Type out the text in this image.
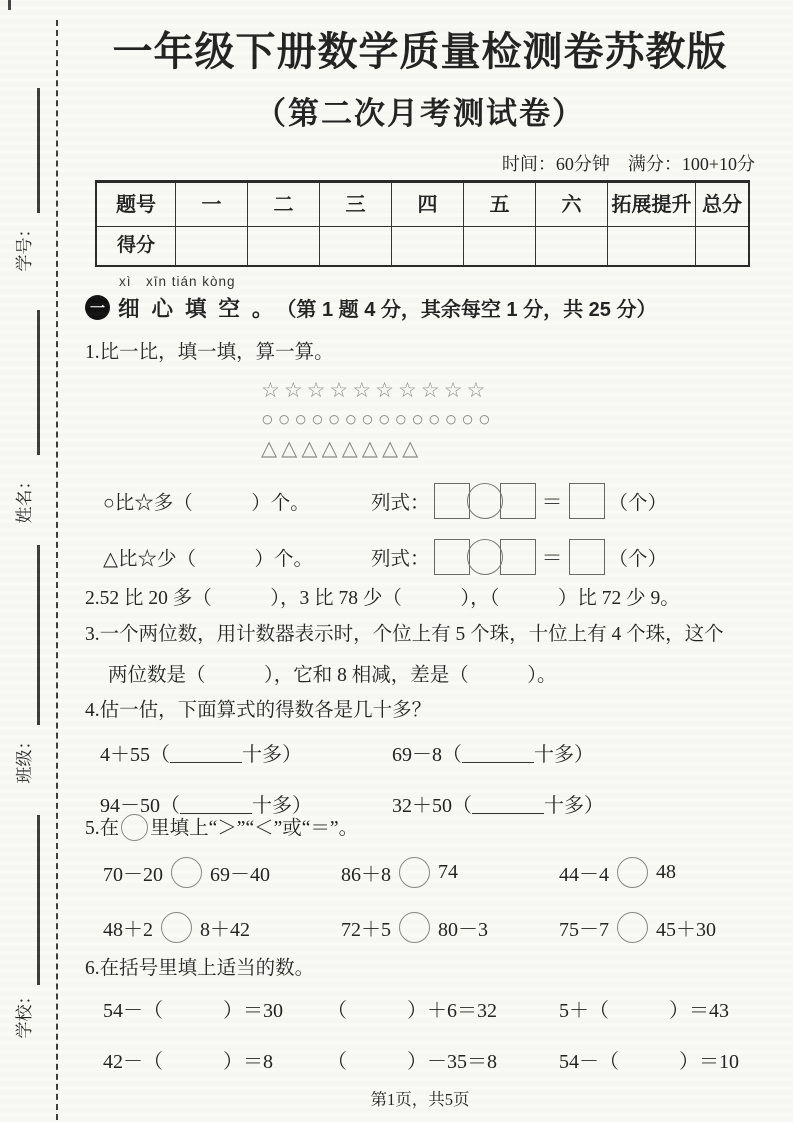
学号：
姓名：
班级：
学校：
一年级下册数学质量检测卷苏教版
（第二次月考测试卷）
时间：60分钟　满分：100+10分
题号	一	二	三	四	五	六	拓展提升 总分
得分
xì　xīn tián kòng
一 细 心 填 空 。 （第 1 题 4 分，其余每空 1 分，共 25 分）
1.比一比，填一填，算一算。
☆ ☆ ☆ ☆ ☆ ☆ ☆ ☆ ☆ ☆
○ ○ ○ ○ ○ ○ ○ ○ ○ ○ ○ ○ ○ ○
△ △ △ △ △ △ △ △
○比☆多（　　　）个。	列式：	＝ （个）
△比☆少（　　　）个。	列式：	＝ （个）
2.52 比 20 多（　　　），3 比 78 少（　　　），（　　　）比 72 少 9。
3.一个两位数，用计数器表示时，个位上有 5 个珠，十位上有 4 个珠，这个
两位数是（　　　），它和 8 相减，差是（　　　）。
4.估一估，下面算式的得数各是几十多？
4＋55（	十多）	69－8（	十多）
94－50（	十多）	32＋50（	十多）
5.在 里填上“＞”“＜”或“＝”。
70－20 69－40	86＋8 74	44－4 48
48＋2 8＋42	72＋5 80－3	75－7 45＋30
6.在括号里填上适当的数。
54－（　　　）＝30	（　　　）＋6＝32	5＋（　　　）＝43
42－（　　　）＝8	（　　　）－35＝8	54－（　　　）＝10
第1页，共5页
